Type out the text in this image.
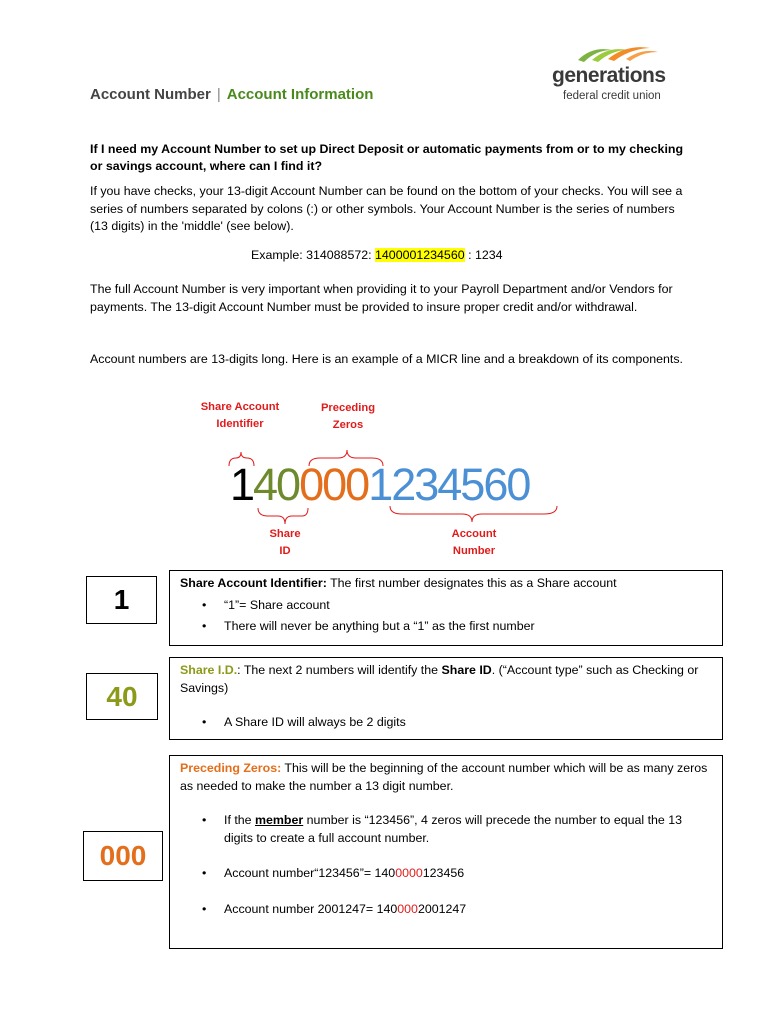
Account Number | Account Information
generations
federal credit union

If I need my Account Number to set up Direct Deposit or automatic payments from or to my checking or savings account, where can I find it?

If you have checks, your 13-digit Account Number can be found on the bottom of your checks. You will see a series of numbers separated by colons (:) or other symbols. Your Account Number is the series of numbers (13 digits) in the 'middle' (see below).

Example: 314088572: 1400001234560 : 1234

The full Account Number is very important when providing it to your Payroll Department and/or Vendors for payments. The 13-digit Account Number must be provided to insure proper credit and/or withdrawal.

Account numbers are 13-digits long. Here is an example of a MICR line and a breakdown of its components.

Share Account
Identifier
Preceding
Zeros
Share
ID
Account
Number
1400001234560
1

Share Account Identifier: The first number designates this as a Share account

• “1”= Share account
• There will never be anything but a “1” as the first number
40

Share I.D.: The next 2 numbers will identify the Share ID. (“Account type” such as Checking or Savings)

• A Share ID will always be 2 digits
000

Preceding Zeros: This will be the beginning of the account number which will be as many zeros as needed to make the number a 13 digit number.

• If the member number is “123456”, 4 zeros will precede the number to equal the 13 digits to create a full account number.
• Account number“123456”= 1400000123456
• Account number 2001247= 1400002001247
